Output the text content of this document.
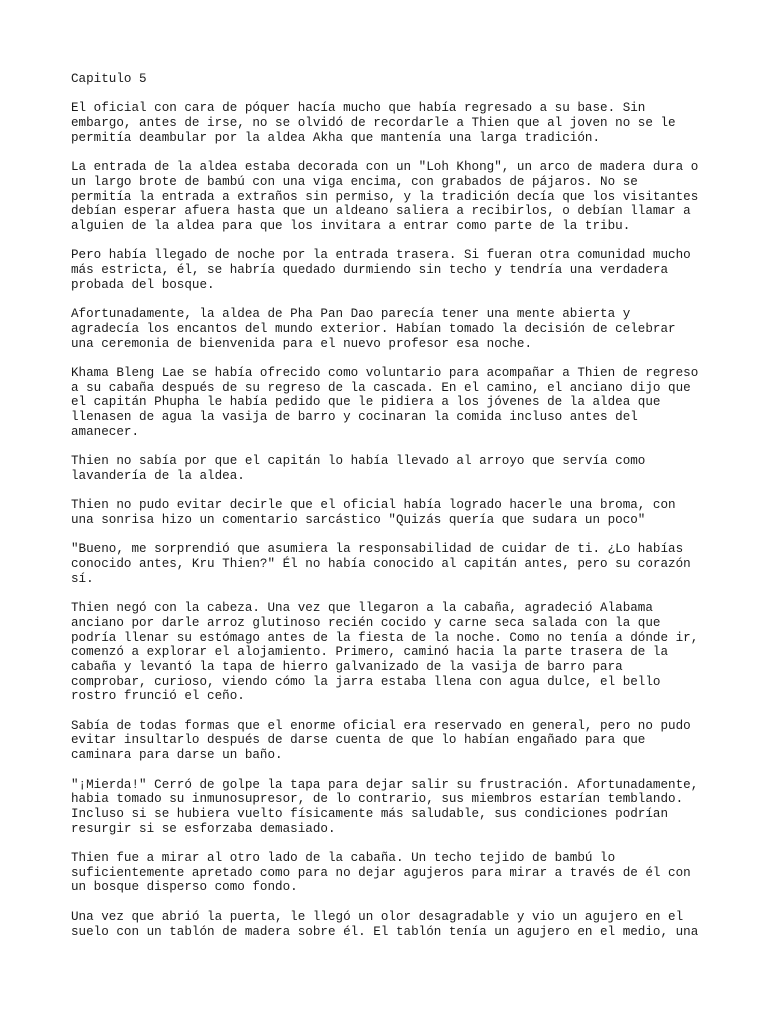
Capitulo 5
El oficial con cara de póquer hacía mucho que había regresado a su base. Sin
embargo, antes de irse, no se olvidó de recordarle a Thien que al joven no se le
permitía deambular por la aldea Akha que mantenía una larga tradición.
La entrada de la aldea estaba decorada con un "Loh Khong", un arco de madera dura o
un largo brote de bambú con una viga encima, con grabados de pájaros. No se
permitía la entrada a extraños sin permiso, y la tradición decía que los visitantes
debían esperar afuera hasta que un aldeano saliera a recibirlos, o debían llamar a
alguien de la aldea para que los invitara a entrar como parte de la tribu.
Pero había llegado de noche por la entrada trasera. Si fueran otra comunidad mucho
más estricta, él, se habría quedado durmiendo sin techo y tendría una verdadera
probada del bosque.
Afortunadamente, la aldea de Pha Pan Dao parecía tener una mente abierta y
agradecía los encantos del mundo exterior. Habían tomado la decisión de celebrar
una ceremonia de bienvenida para el nuevo profesor esa noche.
Khama Bleng Lae se había ofrecido como voluntario para acompañar a Thien de regreso
a su cabaña después de su regreso de la cascada. En el camino, el anciano dijo que
el capitán Phupha le había pedido que le pidiera a los jóvenes de la aldea que
llenasen de agua la vasija de barro y cocinaran la comida incluso antes del
amanecer.
Thien no sabía por que el capitán lo había llevado al arroyo que servía como
lavandería de la aldea.
Thien no pudo evitar decirle que el oficial había logrado hacerle una broma, con
una sonrisa hizo un comentario sarcástico "Quizás quería que sudara un poco"
"Bueno, me sorprendió que asumiera la responsabilidad de cuidar de ti. ¿Lo habías
conocido antes, Kru Thien?" Él no había conocido al capitán antes, pero su corazón
sí.
Thien negó con la cabeza. Una vez que llegaron a la cabaña, agradeció Alabama
anciano por darle arroz glutinoso recién cocido y carne seca salada con la que
podría llenar su estómago antes de la fiesta de la noche. Como no tenía a dónde ir,
comenzó a explorar el alojamiento. Primero, caminó hacia la parte trasera de la
cabaña y levantó la tapa de hierro galvanizado de la vasija de barro para
comprobar, curioso, viendo cómo la jarra estaba llena con agua dulce, el bello
rostro frunció el ceño.
Sabía de todas formas que el enorme oficial era reservado en general, pero no pudo
evitar insultarlo después de darse cuenta de que lo habían engañado para que
caminara para darse un baño.
"¡Mierda!" Cerró de golpe la tapa para dejar salir su frustración. Afortunadamente,
habia tomado su inmunosupresor, de lo contrario, sus miembros estarían temblando.
Incluso si se hubiera vuelto físicamente más saludable, sus condiciones podrían
resurgir si se esforzaba demasiado.
Thien fue a mirar al otro lado de la cabaña. Un techo tejido de bambú lo
suficientemente apretado como para no dejar agujeros para mirar a través de él con
un bosque disperso como fondo.
Una vez que abrió la puerta, le llegó un olor desagradable y vio un agujero en el
suelo con un tablón de madera sobre él. El tablón tenía un agujero en el medio, una
